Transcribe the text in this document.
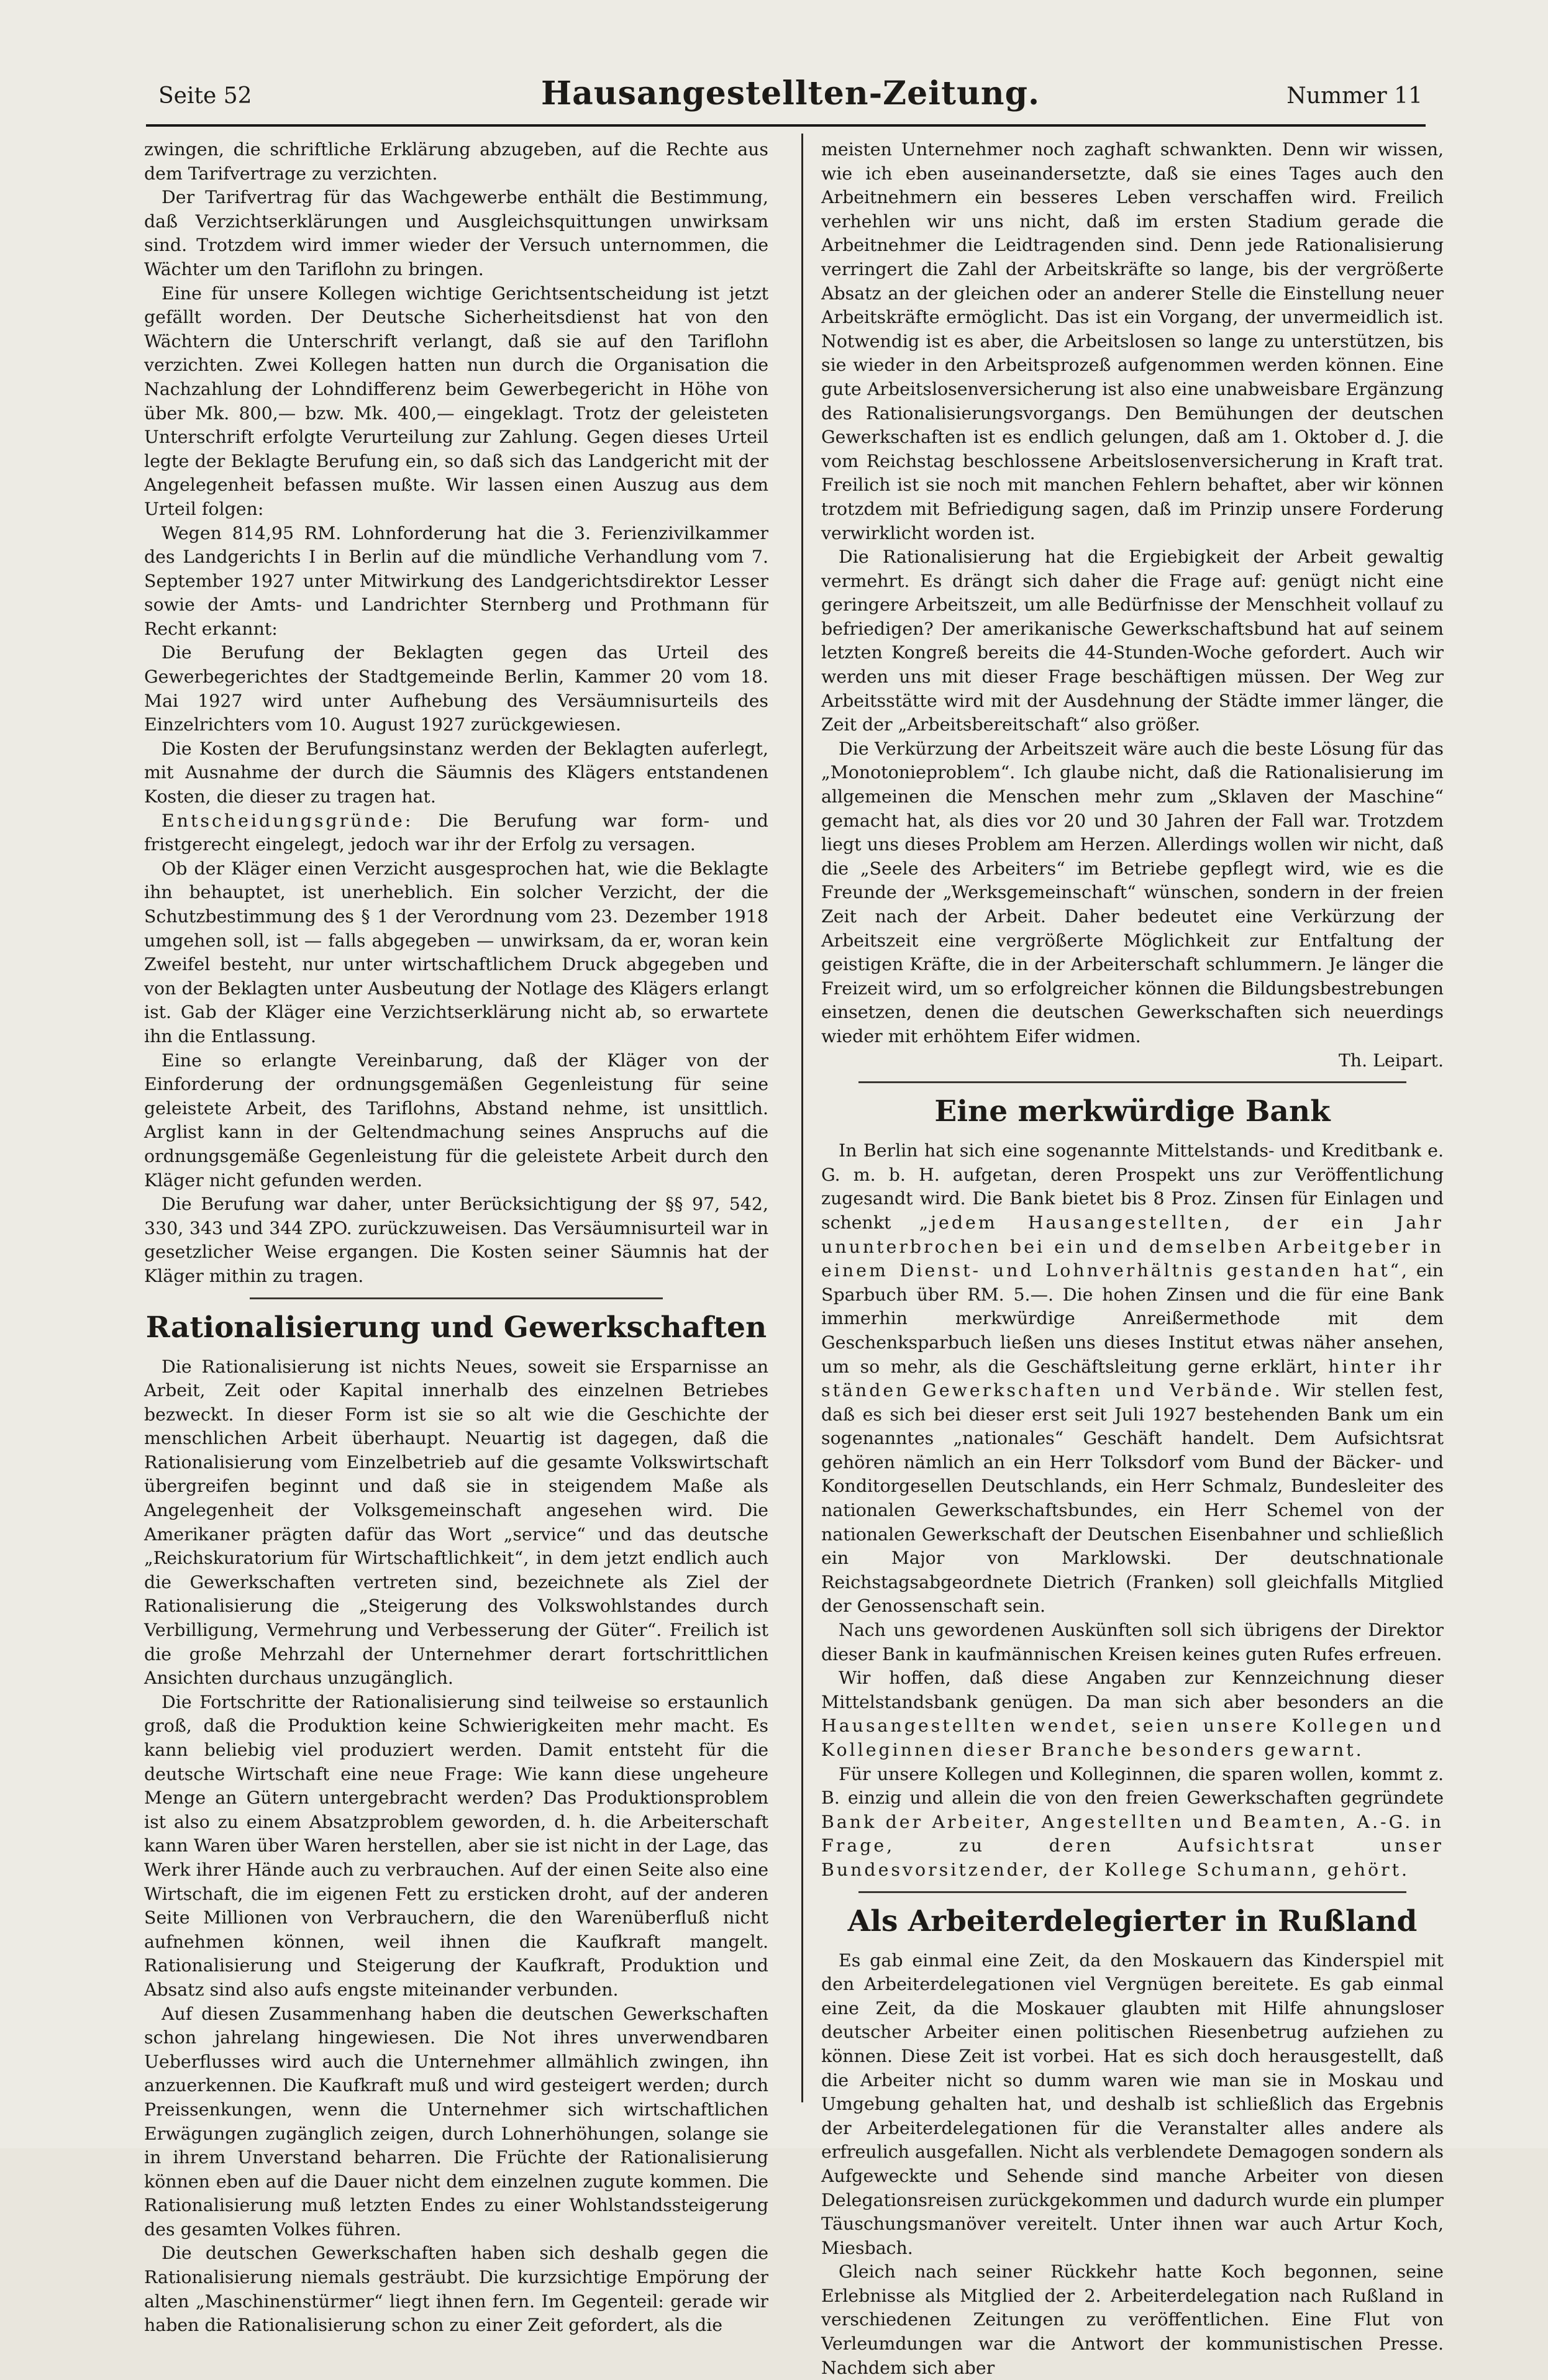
Seite 52	Hausangestellten-Zeitung.	Nummer 11

zwingen, die schriftliche Erklärung abzugeben, auf die Rechte aus dem Tarifvertrage zu verzichten.

Der Tarifvertrag für das Wachgewerbe enthält die Bestimmung, daß Verzichtserklärungen und Ausgleichsquittungen unwirksam sind. Trotzdem wird immer wieder der Versuch unternommen, die Wächter um den Tariflohn zu bringen.

Eine für unsere Kollegen wichtige Gerichtsentscheidung ist jetzt gefällt worden. Der Deutsche Sicherheitsdienst hat von den Wächtern die Unterschrift verlangt, daß sie auf den Tariflohn verzichten. Zwei Kollegen hatten nun durch die Organisation die Nachzahlung der Lohndifferenz beim Gewerbegericht in Höhe von über Mk. 800,— bzw. Mk. 400,— eingeklagt. Trotz der geleisteten Unterschrift erfolgte Verurteilung zur Zahlung. Gegen dieses Urteil legte der Beklagte Berufung ein, so daß sich das Landgericht mit der Angelegenheit befassen mußte. Wir lassen einen Auszug aus dem Urteil folgen:

Wegen 814,95 RM. Lohnforderung hat die 3. Ferienzivilkammer des Landgerichts I in Berlin auf die mündliche Verhandlung vom 7. September 1927 unter Mitwirkung des Landgerichtsdirektor Lesser sowie der Amts- und Landrichter Sternberg und Prothmann für Recht erkannt:

Die Berufung der Beklagten gegen das Urteil des Gewerbegerichtes der Stadtgemeinde Berlin, Kammer 20 vom 18. Mai 1927 wird unter Aufhebung des Versäumnisurteils des Einzelrichters vom 10. August 1927 zurückgewiesen.

Die Kosten der Berufungsinstanz werden der Beklagten auferlegt, mit Ausnahme der durch die Säumnis des Klägers entstandenen Kosten, die dieser zu tragen hat.

Entscheidungsgründe: Die Berufung war form- und fristgerecht eingelegt, jedoch war ihr der Erfolg zu versagen.

Ob der Kläger einen Verzicht ausgesprochen hat, wie die Beklagte ihn behauptet, ist unerheblich. Ein solcher Verzicht, der die Schutzbestimmung des § 1 der Verordnung vom 23. Dezember 1918 umgehen soll, ist — falls abgegeben — unwirksam, da er, woran kein Zweifel besteht, nur unter wirtschaftlichem Druck abgegeben und von der Beklagten unter Ausbeutung der Notlage des Klägers erlangt ist. Gab der Kläger eine Verzichtserklärung nicht ab, so erwartete ihn die Entlassung.

Eine so erlangte Vereinbarung, daß der Kläger von der Einforderung der ordnungsgemäßen Gegenleistung für seine geleistete Arbeit, des Tariflohns, Abstand nehme, ist unsittlich. Arglist kann in der Geltendmachung seines Anspruchs auf die ordnungsgemäße Gegenleistung für die geleistete Arbeit durch den Kläger nicht gefunden werden.

Die Berufung war daher, unter Berücksichtigung der §§ 97, 542, 330, 343 und 344 ZPO. zurückzuweisen. Das Versäumnisurteil war in gesetzlicher Weise ergangen. Die Kosten seiner Säumnis hat der Kläger mithin zu tragen.

Rationalisierung und Gewerkschaften

Die Rationalisierung ist nichts Neues, soweit sie Ersparnisse an Arbeit, Zeit oder Kapital innerhalb des einzelnen Betriebes bezweckt. In dieser Form ist sie so alt wie die Geschichte der menschlichen Arbeit überhaupt. Neuartig ist dagegen, daß die Rationalisierung vom Einzelbetrieb auf die gesamte Volkswirtschaft übergreifen beginnt und daß sie in steigendem Maße als Angelegenheit der Volksgemeinschaft angesehen wird. Die Amerikaner prägten dafür das Wort „service“ und das deutsche „Reichskuratorium für Wirtschaftlichkeit“, in dem jetzt endlich auch die Gewerkschaften vertreten sind, bezeichnete als Ziel der Rationalisierung die „Steigerung des Volkswohlstandes durch Verbilligung, Vermehrung und Verbesserung der Güter“. Freilich ist die große Mehrzahl der Unternehmer derart fortschrittlichen Ansichten durchaus unzugänglich.

Die Fortschritte der Rationalisierung sind teilweise so erstaunlich groß, daß die Produktion keine Schwierigkeiten mehr macht. Es kann beliebig viel produziert werden. Damit entsteht für die deutsche Wirtschaft eine neue Frage: Wie kann diese ungeheure Menge an Gütern untergebracht werden? Das Produktionsproblem ist also zu einem Absatzproblem geworden, d. h. die Arbeiterschaft kann Waren über Waren herstellen, aber sie ist nicht in der Lage, das Werk ihrer Hände auch zu verbrauchen. Auf der einen Seite also eine Wirtschaft, die im eigenen Fett zu ersticken droht, auf der anderen Seite Millionen von Verbrauchern, die den Warenüberfluß nicht aufnehmen können, weil ihnen die Kaufkraft mangelt. Rationalisierung und Steigerung der Kaufkraft, Produktion und Absatz sind also aufs engste miteinander verbunden.

Auf diesen Zusammenhang haben die deutschen Gewerkschaften schon jahrelang hingewiesen. Die Not ihres unverwendbaren Ueberflusses wird auch die Unternehmer allmählich zwingen, ihn anzuerkennen. Die Kaufkraft muß und wird gesteigert werden; durch Preissenkungen, wenn die Unternehmer sich wirtschaftlichen Erwägungen zugänglich zeigen, durch Lohnerhöhungen, solange sie in ihrem Unverstand beharren. Die Früchte der Rationalisierung können eben auf die Dauer nicht dem einzelnen zugute kommen. Die Rationalisierung muß letzten Endes zu einer Wohlstandssteigerung des gesamten Volkes führen.

Die deutschen Gewerkschaften haben sich deshalb gegen die Rationalisierung niemals gesträubt. Die kurzsichtige Empörung der alten „Maschinenstürmer“ liegt ihnen fern. Im Gegenteil: gerade wir haben die Rationalisierung schon zu einer Zeit gefordert, als die

meisten Unternehmer noch zaghaft schwankten. Denn wir wissen, wie ich eben auseinandersetzte, daß sie eines Tages auch den Arbeitnehmern ein besseres Leben verschaffen wird. Freilich verhehlen wir uns nicht, daß im ersten Stadium gerade die Arbeitnehmer die Leidtragenden sind. Denn jede Rationalisierung verringert die Zahl der Arbeitskräfte so lange, bis der vergrößerte Absatz an der gleichen oder an anderer Stelle die Einstellung neuer Arbeitskräfte ermöglicht. Das ist ein Vorgang, der unvermeidlich ist. Notwendig ist es aber, die Arbeitslosen so lange zu unterstützen, bis sie wieder in den Arbeitsprozeß aufgenommen werden können. Eine gute Arbeitslosenversicherung ist also eine unabweisbare Ergänzung des Rationalisierungsvorgangs. Den Bemühungen der deutschen Gewerkschaften ist es endlich gelungen, daß am 1. Oktober d. J. die vom Reichstag beschlossene Arbeitslosenversicherung in Kraft trat. Freilich ist sie noch mit manchen Fehlern behaftet, aber wir können trotzdem mit Befriedigung sagen, daß im Prinzip unsere Forderung verwirklicht worden ist.

Die Rationalisierung hat die Ergiebigkeit der Arbeit gewaltig vermehrt. Es drängt sich daher die Frage auf: genügt nicht eine geringere Arbeitszeit, um alle Bedürfnisse der Menschheit vollauf zu befriedigen? Der amerikanische Gewerkschaftsbund hat auf seinem letzten Kongreß bereits die 44-Stunden-Woche gefordert. Auch wir werden uns mit dieser Frage beschäftigen müssen. Der Weg zur Arbeitsstätte wird mit der Ausdehnung der Städte immer länger, die Zeit der „Arbeitsbereitschaft“ also größer.

Die Verkürzung der Arbeitszeit wäre auch die beste Lösung für das „Monotonieproblem“. Ich glaube nicht, daß die Rationalisierung im allgemeinen die Menschen mehr zum „Sklaven der Maschine“ gemacht hat, als dies vor 20 und 30 Jahren der Fall war. Trotzdem liegt uns dieses Problem am Herzen. Allerdings wollen wir nicht, daß die „Seele des Arbeiters“ im Betriebe gepflegt wird, wie es die Freunde der „Werksgemeinschaft“ wünschen, sondern in der freien Zeit nach der Arbeit. Daher bedeutet eine Verkürzung der Arbeitszeit eine vergrößerte Möglichkeit zur Entfaltung der geistigen Kräfte, die in der Arbeiterschaft schlummern. Je länger die Freizeit wird, um so erfolgreicher können die Bildungsbestrebungen einsetzen, denen die deutschen Gewerkschaften sich neuerdings wieder mit erhöhtem Eifer widmen.

Th. Leipart.

Eine merkwürdige Bank

In Berlin hat sich eine sogenannte Mittelstands- und Kreditbank e. G. m. b. H. aufgetan, deren Prospekt uns zur Veröffentlichung zugesandt wird. Die Bank bietet bis 8 Proz. Zinsen für Einlagen und schenkt „jedem Hausangestellten, der ein Jahr ununterbrochen bei ein und demselben Arbeitgeber in einem Dienst- und Lohnverhältnis gestanden hat“, ein Sparbuch über RM. 5.—. Die hohen Zinsen und die für eine Bank immerhin merkwürdige Anreißermethode mit dem Geschenksparbuch ließen uns dieses Institut etwas näher ansehen, um so mehr, als die Geschäftsleitung gerne erklärt, hinter ihr ständen Gewerkschaften und Verbände. Wir stellen fest, daß es sich bei dieser erst seit Juli 1927 bestehenden Bank um ein sogenanntes „nationales“ Geschäft handelt. Dem Aufsichtsrat gehören nämlich an ein Herr Tolksdorf vom Bund der Bäcker- und Konditorgesellen Deutschlands, ein Herr Schmalz, Bundesleiter des nationalen Gewerkschaftsbundes, ein Herr Schemel von der nationalen Gewerkschaft der Deutschen Eisenbahner und schließlich ein Major von Marklowski. Der deutschnationale Reichstagsabgeordnete Dietrich (Franken) soll gleichfalls Mitglied der Genossenschaft sein.

Nach uns gewordenen Auskünften soll sich übrigens der Direktor dieser Bank in kaufmännischen Kreisen keines guten Rufes erfreuen.

Wir hoffen, daß diese Angaben zur Kennzeichnung dieser Mittelstandsbank genügen. Da man sich aber besonders an die Hausangestellten wendet, seien unsere Kollegen und Kolleginnen dieser Branche besonders gewarnt.

Für unsere Kollegen und Kolleginnen, die sparen wollen, kommt z. B. einzig und allein die von den freien Gewerkschaften gegründete Bank der Arbeiter, Angestellten und Beamten, A.-G. in Frage, zu deren Aufsichtsrat unser Bundesvorsitzender, der Kollege Schumann, gehört.

Als Arbeiterdelegierter in Rußland

Es gab einmal eine Zeit, da den Moskauern das Kinderspiel mit den Arbeiterdelegationen viel Vergnügen bereitete. Es gab einmal eine Zeit, da die Moskauer glaubten mit Hilfe ahnungsloser deutscher Arbeiter einen politischen Riesenbetrug aufziehen zu können. Diese Zeit ist vorbei. Hat es sich doch herausgestellt, daß die Arbeiter nicht so dumm waren wie man sie in Moskau und Umgebung gehalten hat, und deshalb ist schließlich das Ergebnis der Arbeiterdelegationen für die Veranstalter alles andere als erfreulich ausgefallen. Nicht als verblendete Demagogen sondern als Aufgeweckte und Sehende sind manche Arbeiter von diesen Delegationsreisen zurückgekommen und dadurch wurde ein plumper Täuschungsmanöver vereitelt. Unter ihnen war auch Artur Koch, Miesbach.

Gleich nach seiner Rückkehr hatte Koch begonnen, seine Erlebnisse als Mitglied der 2. Arbeiterdelegation nach Rußland in verschiedenen Zeitungen zu veröffentlichen. Eine Flut von Verleumdungen war die Antwort der kommunistischen Presse. Nachdem sich aber
